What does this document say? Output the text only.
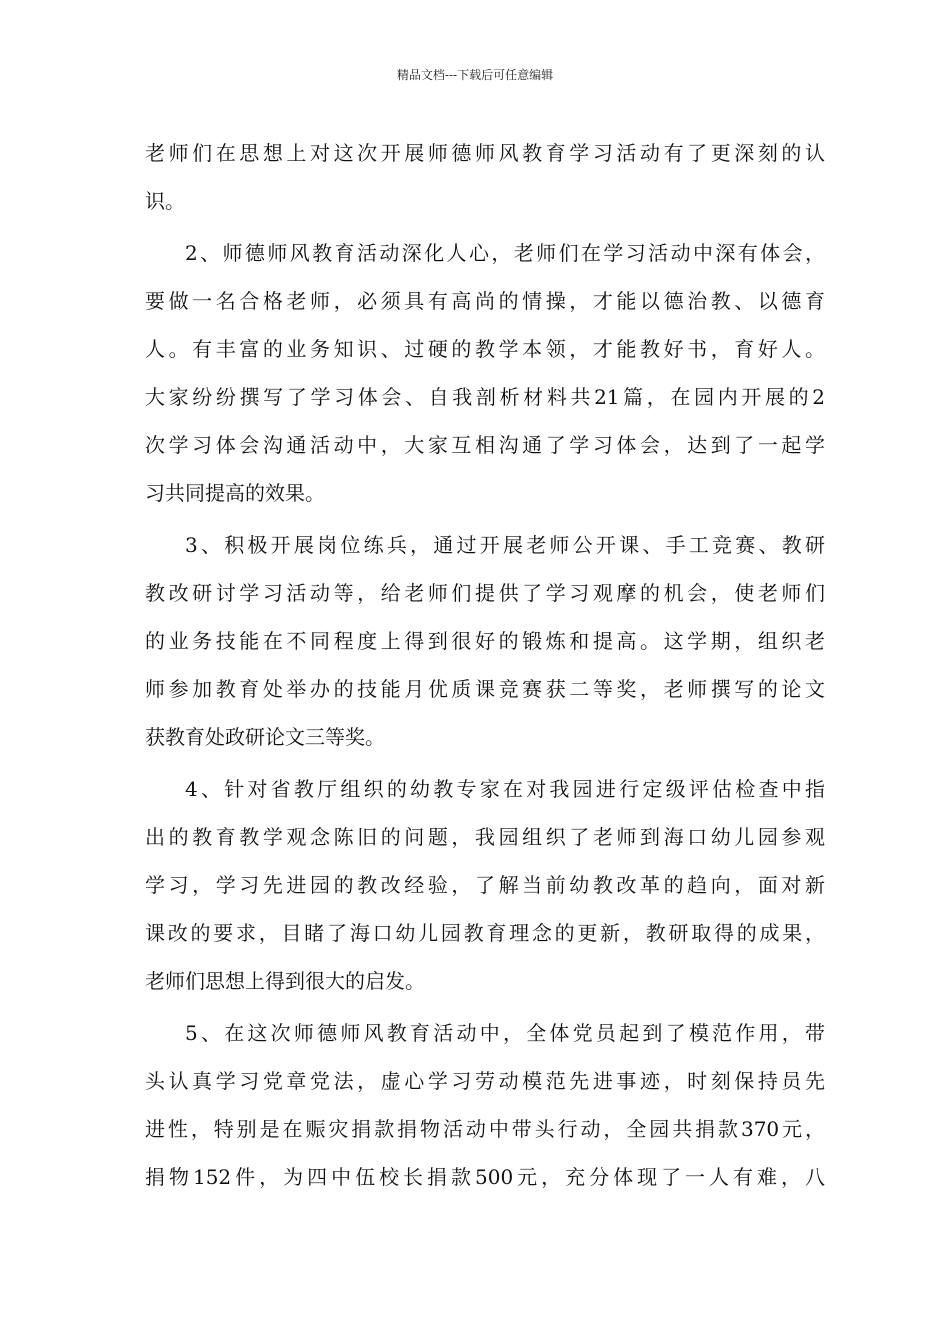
精品文档---下载后可任意编辑
老师们在思想上对这次开展师德师风教育学习活动有了更深刻的认
识。
2、师德师风教育活动深化人心，老师们在学习活动中深有体会，
要做一名合格老师，必须具有高尚的情操，才能以德治教、以德育
人。有丰富的业务知识、过硬的教学本领，才能教好书，育好人。
大家纷纷撰写了学习体会、自我剖析材料共21篇，在园内开展的2
次学习体会沟通活动中，大家互相沟通了学习体会，达到了一起学
习共同提高的效果。
3、积极开展岗位练兵，通过开展老师公开课、手工竞赛、教研
教改研讨学习活动等，给老师们提供了学习观摩的机会，使老师们
的业务技能在不同程度上得到很好的锻炼和提高。这学期，组织老
师参加教育处举办的技能月优质课竞赛获二等奖，老师撰写的论文
获教育处政研论文三等奖。
4、针对省教厅组织的幼教专家在对我园进行定级评估检查中指
出的教育教学观念陈旧的问题，我园组织了老师到海口幼儿园参观
学习，学习先进园的教改经验，了解当前幼教改革的趋向，面对新
课改的要求，目睹了海口幼儿园教育理念的更新，教研取得的成果，
老师们思想上得到很大的启发。
5、在这次师德师风教育活动中，全体党员起到了模范作用，带
头认真学习党章党法，虚心学习劳动模范先进事迹，时刻保持员先
进性，特别是在赈灾捐款捐物活动中带头行动，全园共捐款370元，
捐物152件，为四中伍校长捐款500元，充分体现了一人有难，八
